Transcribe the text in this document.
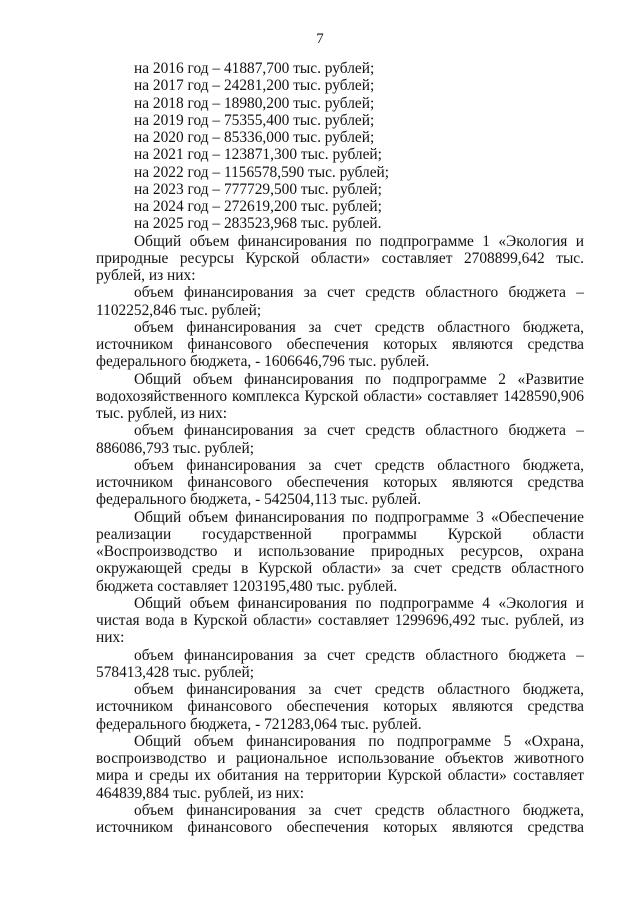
7
на 2016 год – 41887,700 тыс. рублей;
на 2017 год – 24281,200 тыс. рублей;
на 2018 год – 18980,200 тыс. рублей;
на 2019 год – 75355,400 тыс. рублей;
на 2020 год – 85336,000 тыс. рублей;
на 2021 год – 123871,300 тыс. рублей;
на 2022 год – 1156578,590 тыс. рублей;
на 2023 год – 777729,500 тыс. рублей;
на 2024 год – 272619,200 тыс. рублей;
на 2025 год – 283523,968 тыс. рублей.

Общий объем финансирования по подпрограмме 1 «Экология и природные ресурсы Курской области» составляет 2708899,642 тыс. рублей, из них:

объем финансирования за счет средств областного бюджета – 1102252,846 тыс. рублей;

объем финансирования за счет средств областного бюджета, источником финансового обеспечения которых являются средства федерального бюджета, - 1606646,796 тыс. рублей.

Общий объем финансирования по подпрограмме 2 «Развитие водохозяйственного комплекса Курской области» составляет 1428590,906 тыс. рублей, из них:

объем финансирования за счет средств областного бюджета – 886086,793 тыс. рублей;

объем финансирования за счет средств областного бюджета, источником финансового обеспечения которых являются средства федерального бюджета, - 542504,113 тыс. рублей.

Общий объем финансирования по подпрограмме 3 «Обеспечение реализации государственной программы Курской области «Воспроизводство и использование природных ресурсов, охрана окружающей среды в Курской области» за счет средств областного бюджета составляет 1203195,480 тыс. рублей.

Общий объем финансирования по подпрограмме 4 «Экология и чистая вода в Курской области» составляет 1299696,492 тыс. рублей, из них:

объем финансирования за счет средств областного бюджета – 578413,428 тыс. рублей;

объем финансирования за счет средств областного бюджета, источником финансового обеспечения которых являются средства федерального бюджета, - 721283,064 тыс. рублей.

Общий объем финансирования по подпрограмме 5 «Охрана, воспроизводство и рациональное использование объектов животного мира и среды их обитания на территории Курской области» составляет 464839,884 тыс. рублей, из них:

объем финансирования за счет средств областного бюджета, источником финансового обеспечения которых являются средства
